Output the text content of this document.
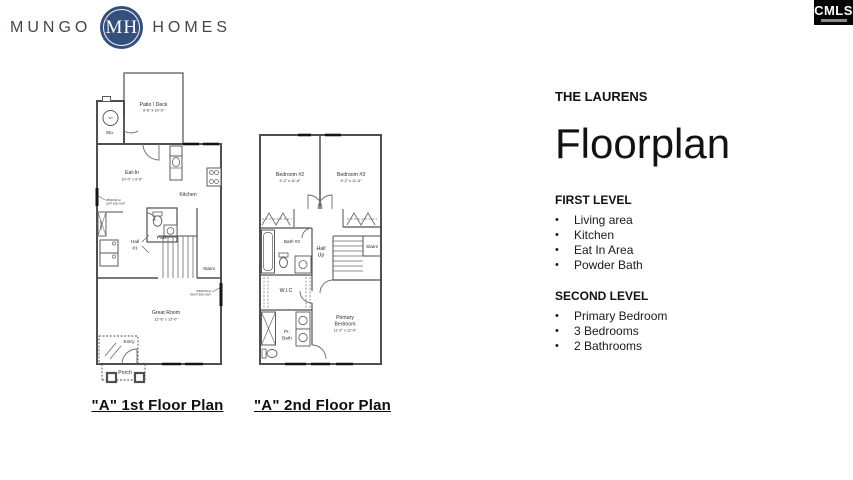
MUNGO MH HOMES
CMLS
WH
PANTRY
Patio / Deck
9'-6" x 10'-0"
Sto.
Eat-In
10'-0" x 9'-6"
Kitchen
Hall
#1
Pwd.
Stairs
Great Room
12'-6" x 12'-0"
Entry
Porch
WINDOW w/
LEFT END UNIT
WINDOW w/
RIGHT END UNIT
"A" 1st Floor Plan
Bedroom #2
9'-2" x 11'-6"
Bedroom #3
9'-2" x 11'-6"
Bath #2
Hall
Up
Stairs
W.I.C
Pr.
Bath
Primary
Bedroom
11'-2" x 12'-0"
"A" 2nd Floor Plan
THE LAURENS
Floorplan
FIRST LEVEL
•	Living area
•	Kitchen
•	Eat In Area
•	Powder Bath
SECOND LEVEL
•	Primary Bedroom
•	3 Bedrooms
•	2 Bathrooms
